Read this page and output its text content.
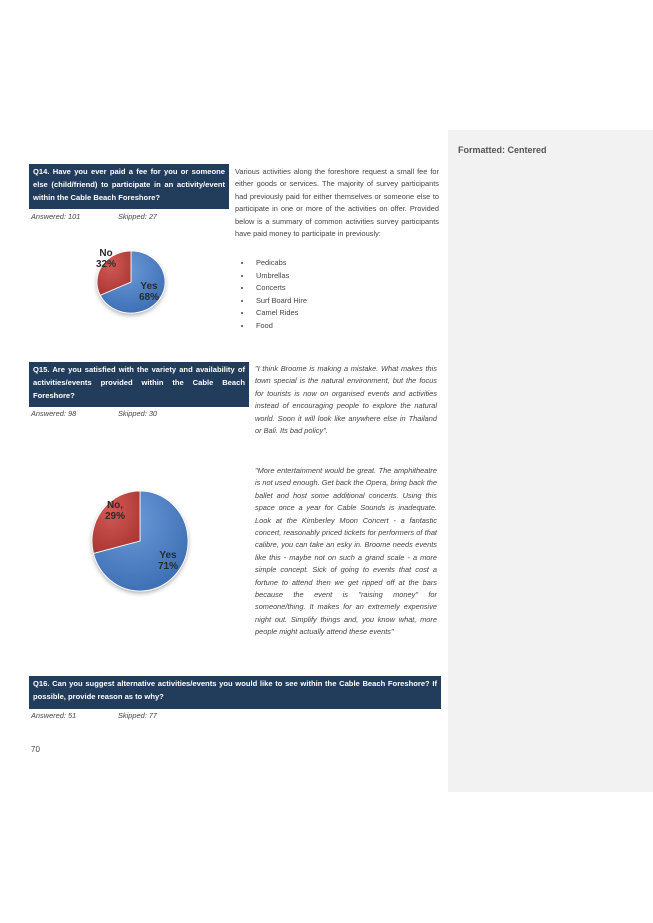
Formatted: Centered
Q14. Have you ever paid a fee for you or someone else (child/friend) to participate in an activity/event within the Cable Beach Foreshore?
Answered: 101	Skipped: 27
No
32%
Yes
68%

Various activities along the foreshore request a small fee for either goods or services. The majority of survey participants had previously paid for either themselves or someone else to participate in one or more of the activities on offer. Provided below is a summary of common activities survey participants have paid money to participate in previously:

• Pedicabs
• Umbrellas
• Concerts
• Surf Board Hire
• Camel Rides
• Food
Q15. Are you satisfied with the variety and availability of activities/events provided within the Cable Beach Foreshore?
Answered: 98	Skipped: 30

"I think Broome is making a mistake. What makes this town special is the natural environment, but the focus for tourists is now on organised events and activities instead of encouraging people to explore the natural world. Soon it will look like anywhere else in Thailand or Bali. Its bad policy".

"More entertainment would be great. The amphitheatre is not used enough. Get back the Opera, bring back the ballet and host some additional concerts. Using this space once a year for Cable Sounds is inadequate. Look at the Kimberley Moon Concert - a fantastic concert, reasonably priced tickets for performers of that calibre, you can take an esky in. Broome needs events like this - maybe not on such a grand scale - a more simple concept. Sick of going to events that cost a fortune to attend then we get ripped off at the bars because the event is "raising money" for someone/thing. It makes for an extremely expensive night out. Simplify things and, you know what, more people might actually attend these events"

No,
29%
Yes
71%
Q16. Can you suggest alternative activities/events you would like to see within the Cable Beach Foreshore? If possible, provide reason as to why?
Answered: 51	Skipped: 77
70
